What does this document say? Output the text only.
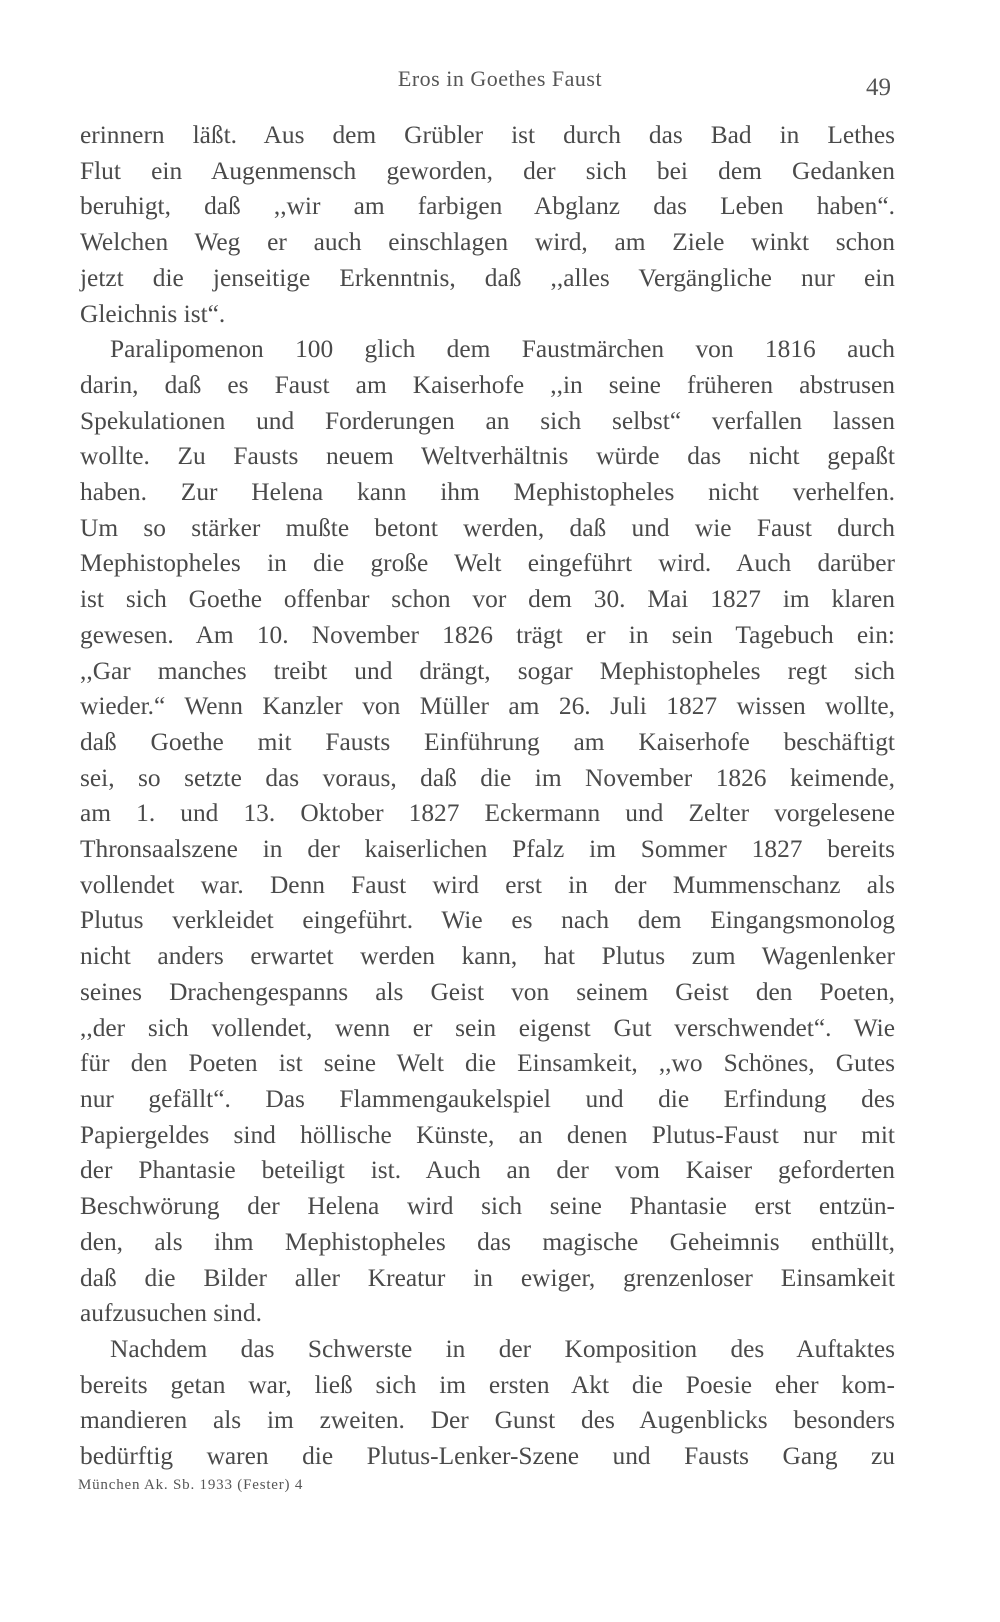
Eros in Goethes Faust	49
erinnern läßt. Aus dem Grübler ist durch das Bad in Lethes
Flut ein Augenmensch geworden, der sich bei dem Gedanken
beruhigt, daß ,,wir am farbigen Abglanz das Leben haben“.
Welchen Weg er auch einschlagen wird, am Ziele winkt schon
jetzt die jenseitige Erkenntnis, daß ,,alles Vergängliche nur ein
Gleichnis ist“.
Paralipomenon 100 glich dem Faustmärchen von 1816 auch
darin, daß es Faust am Kaiserhofe ,,in seine früheren abstrusen
Spekulationen und Forderungen an sich selbst“ verfallen lassen
wollte. Zu Fausts neuem Weltverhältnis würde das nicht gepaßt
haben. Zur Helena kann ihm Mephistopheles nicht verhelfen.
Um so stärker mußte betont werden, daß und wie Faust durch
Mephistopheles in die große Welt eingeführt wird. Auch darüber
ist sich Goethe offenbar schon vor dem 30. Mai 1827 im klaren
gewesen. Am 10. November 1826 trägt er in sein Tagebuch ein:
,,Gar manches treibt und drängt, sogar Mephistopheles regt sich
wieder.“ Wenn Kanzler von Müller am 26. Juli 1827 wissen wollte,
daß Goethe mit Fausts Einführung am Kaiserhofe beschäftigt
sei, so setzte das voraus, daß die im November 1826 keimende,
am 1. und 13. Oktober 1827 Eckermann und Zelter vorgelesene
Thronsaalszene in der kaiserlichen Pfalz im Sommer 1827 bereits
vollendet war. Denn Faust wird erst in der Mummenschanz als
Plutus verkleidet eingeführt. Wie es nach dem Eingangsmonolog
nicht anders erwartet werden kann, hat Plutus zum Wagenlenker
seines Drachengespanns als Geist von seinem Geist den Poeten,
,,der sich vollendet, wenn er sein eigenst Gut verschwendet“. Wie
für den Poeten ist seine Welt die Einsamkeit, ,,wo Schönes, Gutes
nur gefällt“. Das Flammengaukelspiel und die Erfindung des
Papiergeldes sind höllische Künste, an denen Plutus-Faust nur mit
der Phantasie beteiligt ist. Auch an der vom Kaiser geforderten
Beschwörung der Helena wird sich seine Phantasie erst entzün-
den, als ihm Mephistopheles das magische Geheimnis enthüllt,
daß die Bilder aller Kreatur in ewiger, grenzenloser Einsamkeit
aufzusuchen sind.
Nachdem das Schwerste in der Komposition des Auftaktes
bereits getan war, ließ sich im ersten Akt die Poesie eher kom-
mandieren als im zweiten. Der Gunst des Augenblicks besonders
bedürftig waren die Plutus-Lenker-Szene und Fausts Gang zu
München Ak. Sb. 1933 (Fester) 4
